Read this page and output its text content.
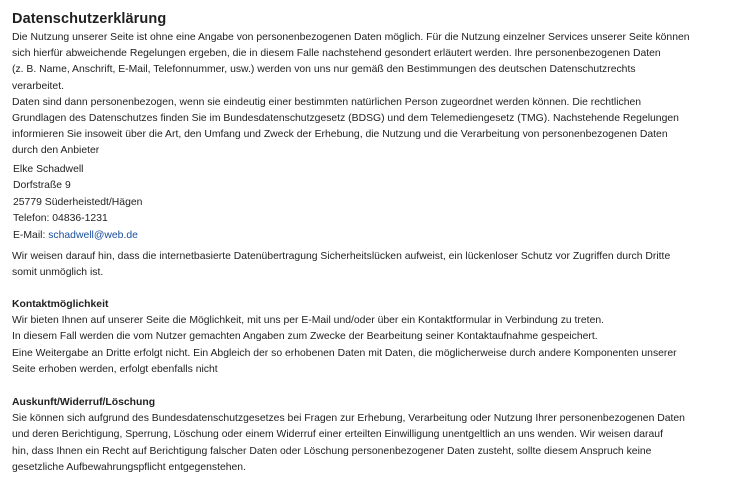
Datenschutzerklärung
Die Nutzung unserer Seite ist ohne eine Angabe von personenbezogenen Daten möglich. Für die Nutzung einzelner Services unserer Seite können
sich hierfür abweichende Regelungen ergeben, die in diesem Falle nachstehend gesondert erläutert werden. Ihre personenbezogenen Daten
(z. B. Name, Anschrift, E-Mail, Telefonnummer, usw.) werden von uns nur gemäß den Bestimmungen des deutschen Datenschutzrechts
verarbeitet.
Daten sind dann personenbezogen, wenn sie eindeutig einer bestimmten natürlichen Person zugeordnet werden können. Die rechtlichen
Grundlagen des Datenschutzes finden Sie im Bundesdatenschutzgesetz (BDSG) und dem Telemediengesetz (TMG). Nachstehende Regelungen
informieren Sie insoweit über die Art, den Umfang und Zweck der Erhebung, die Nutzung und die Verarbeitung von personenbezogenen Daten
durch den Anbieter
Elke Schadwell
Dorfstraße 9
25779 Süderheistedt/Hägen
Telefon: 04836-1231
E-Mail: schadwell@web.de
Wir weisen darauf hin, dass die internetbasierte Datenübertragung Sicherheitslücken aufweist, ein lückenloser Schutz vor Zugriffen durch Dritte
somit unmöglich ist.
Kontaktmöglichkeit
Wir bieten Ihnen auf unserer Seite die Möglichkeit, mit uns per E-Mail und/oder über ein Kontaktformular in Verbindung zu treten.
In diesem Fall werden die vom Nutzer gemachten Angaben zum Zwecke der Bearbeitung seiner Kontaktaufnahme gespeichert.
Eine Weitergabe an Dritte erfolgt nicht. Ein Abgleich der so erhobenen Daten mit Daten, die möglicherweise durch andere Komponenten unserer
Seite erhoben werden, erfolgt ebenfalls nicht
Auskunft/Widerruf/Löschung
Sie können sich aufgrund des Bundesdatenschutzgesetzes bei Fragen zur Erhebung, Verarbeitung oder Nutzung Ihrer personenbezogenen Daten
und deren Berichtigung, Sperrung, Löschung oder einem Widerruf einer erteilten Einwilligung unentgeltlich an uns wenden. Wir weisen darauf
hin, dass Ihnen ein Recht auf Berichtigung falscher Daten oder Löschung personenbezogener Daten zusteht, sollte diesem Anspruch keine
gesetzliche Aufbewahrungspflicht entgegenstehen.
